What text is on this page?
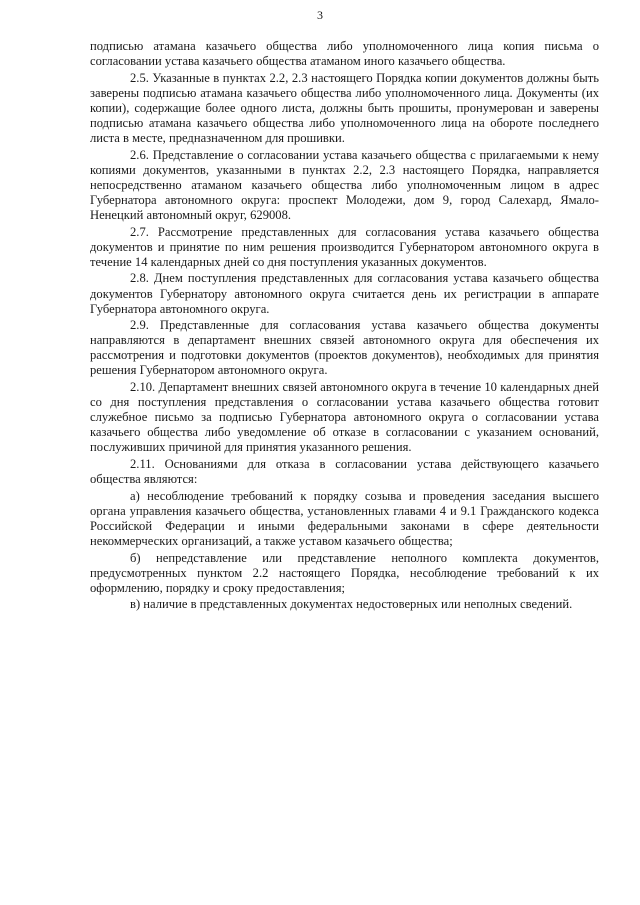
3

подписью атамана казачьего общества либо уполномоченного лица копия письма о согласовании устава казачьего общества атаманом иного казачьего общества.

2.5. Указанные в пунктах 2.2, 2.3 настоящего Порядка копии документов должны быть заверены подписью атамана казачьего общества либо уполномоченного лица. Документы (их копии), содержащие более одного листа, должны быть прошиты, пронумерован и заверены подписью атамана казачьего общества либо уполномоченного лица на обороте последнего листа в месте, предназначенном для прошивки.

2.6. Представление о согласовании устава казачьего общества с прилагаемыми к нему копиями документов, указанными в пунктах 2.2, 2.3 настоящего Порядка, направляется непосредственно атаманом казачьего общества либо уполномоченным лицом в адрес Губернатора автономного округа: проспект Молодежи, дом 9, город Салехард, Ямало-Ненецкий автономный округ, 629008.

2.7. Рассмотрение представленных для согласования устава казачьего общества документов и принятие по ним решения производится Губернатором автономного округа в течение 14 календарных дней со дня поступления указанных документов.

2.8. Днем поступления представленных для согласования устава казачьего общества документов Губернатору автономного округа считается день их регистрации в аппарате Губернатора автономного округа.

2.9. Представленные для согласования устава казачьего общества документы направляются в департамент внешних связей автономного округа для обеспечения их рассмотрения и подготовки документов (проектов документов), необходимых для принятия решения Губернатором автономного округа.

2.10. Департамент внешних связей автономного округа в течение 10 календарных дней со дня поступления представления о согласовании устава казачьего общества готовит служебное письмо за подписью Губернатора автономного округа о согласовании устава казачьего общества либо уведомление об отказе в согласовании с указанием оснований, послуживших причиной для принятия указанного решения.

2.11. Основаниями для отказа в согласовании устава действующего казачьего общества являются:

а) несоблюдение требований к порядку созыва и проведения заседания высшего органа управления казачьего общества, установленных главами 4 и 9.1 Гражданского кодекса Российской Федерации и иными федеральными законами в сфере деятельности некоммерческих организаций, а также уставом казачьего общества;

б) непредставление или представление неполного комплекта документов, предусмотренных пунктом 2.2 настоящего Порядка, несоблюдение требований к их оформлению, порядку и сроку предоставления;

в) наличие в представленных документах недостоверных или неполных сведений.
